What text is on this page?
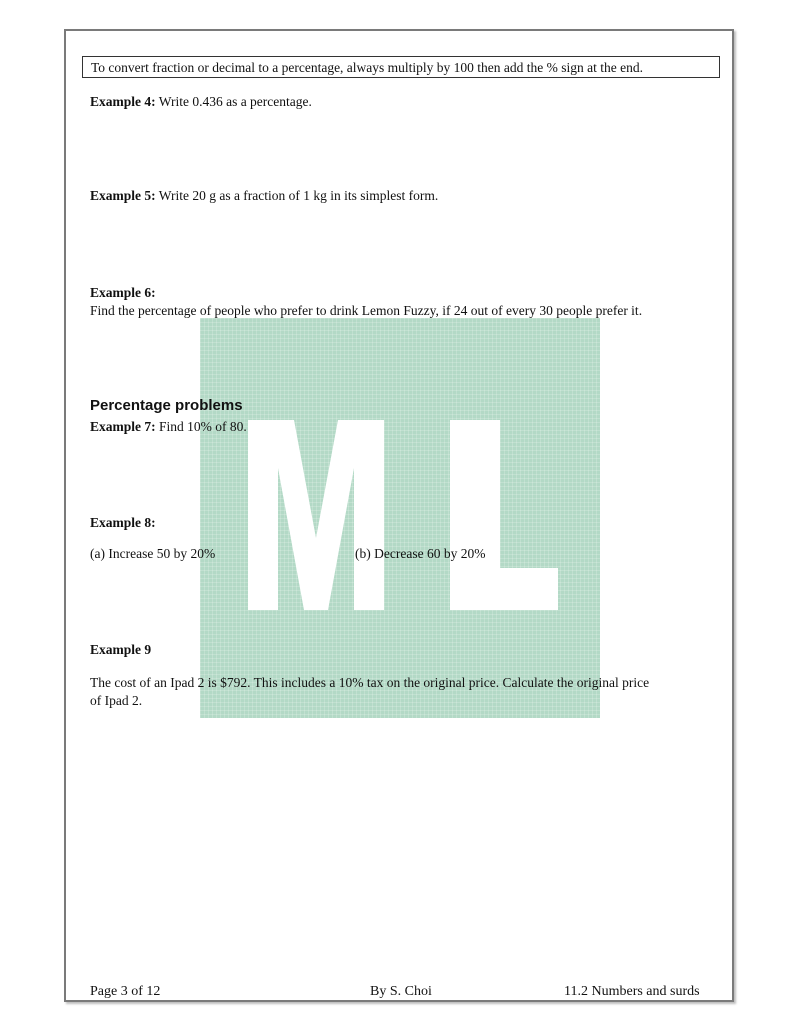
To convert fraction or decimal to a percentage, always multiply by 100 then add the % sign at the end.
Example 4: Write 0.436 as a percentage.
Example 5: Write 20 g as a fraction of 1 kg in its simplest form.
Example 6:
Find the percentage of people who prefer to drink Lemon Fuzzy, if 24 out of every 30 people prefer it.
Percentage problems
Example 7: Find 10% of 80.
Example 8:
(a) Increase 50 by 20%	(b) Decrease 60 by 20%
Example 9
The cost of an Ipad 2 is $792. This includes a 10% tax on the original price. Calculate the original price
of Ipad 2.
Page 3 of 12	By S. Choi	11.2 Numbers and surds
